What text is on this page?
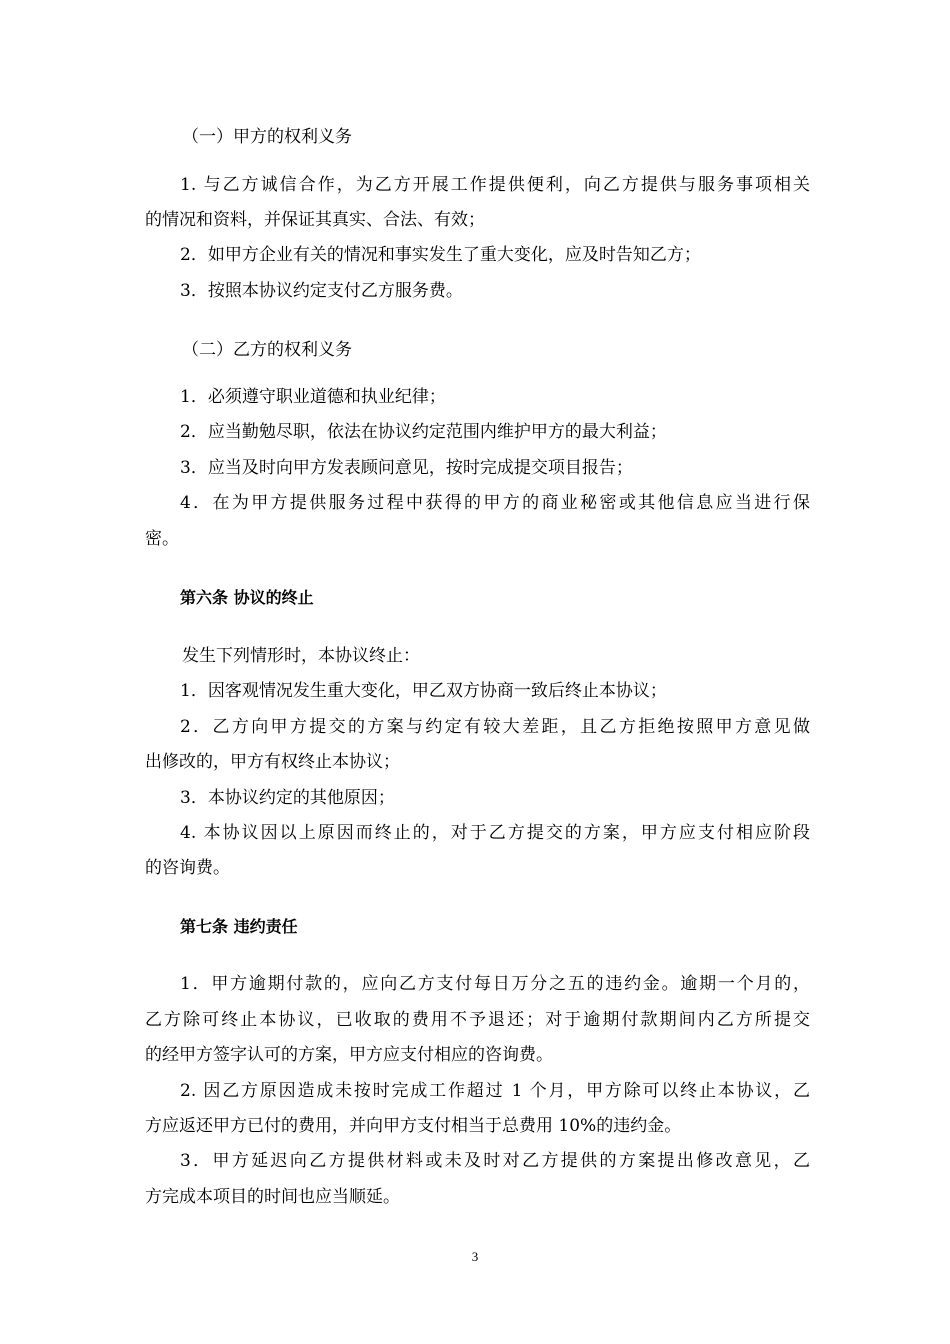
（一）甲方的权利义务
1. 与乙方诚信合作，为乙方开展工作提供便利，向乙方提供与服务事项相关
的情况和资料，并保证其真实、合法、有效；
2．如甲方企业有关的情况和事实发生了重大变化，应及时告知乙方；
3．按照本协议约定支付乙方服务费。
（二）乙方的权利义务
1．必须遵守职业道德和执业纪律；
2．应当勤勉尽职，依法在协议约定范围内维护甲方的最大利益；
3．应当及时向甲方发表顾问意见，按时完成提交项目报告；
4．在为甲方提供服务过程中获得的甲方的商业秘密或其他信息应当进行保
密。
第六条 协议的终止
发生下列情形时，本协议终止：
1．因客观情况发生重大变化，甲乙双方协商一致后终止本协议；
2．乙方向甲方提交的方案与约定有较大差距，且乙方拒绝按照甲方意见做
出修改的，甲方有权终止本协议；
3．本协议约定的其他原因；
4. 本协议因以上原因而终止的，对于乙方提交的方案，甲方应支付相应阶段
的咨询费。
第七条 违约责任
1．甲方逾期付款的，应向乙方支付每日万分之五的违约金。逾期一个月的，
乙方除可终止本协议，已收取的费用不予退还；对于逾期付款期间内乙方所提交
的经甲方签字认可的方案，甲方应支付相应的咨询费。
2. 因乙方原因造成未按时完成工作超过 1 个月，甲方除可以终止本协议，乙
方应返还甲方已付的费用，并向甲方支付相当于总费用 10%的违约金。
3．甲方延迟向乙方提供材料或未及时对乙方提供的方案提出修改意见，乙
方完成本项目的时间也应当顺延。
3
